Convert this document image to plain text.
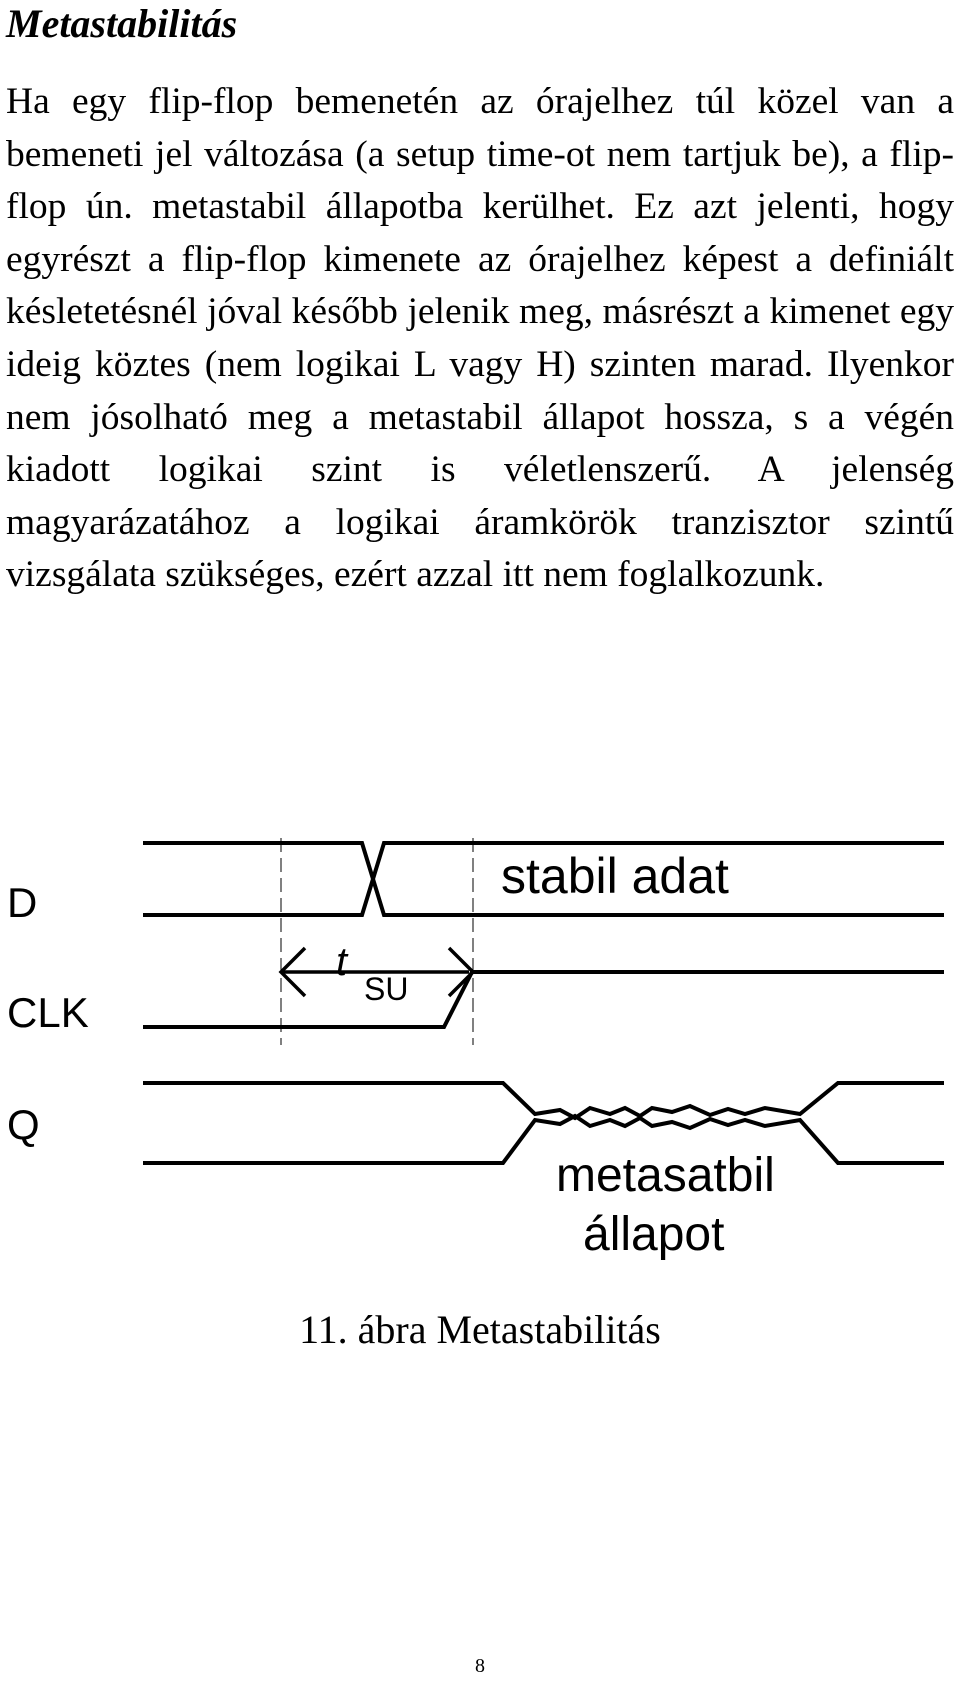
Metastabilitás

Ha egy flip-flop bemenetén az órajelhez túl közel van a bemeneti jel változása (a setup time-ot nem tartjuk be), a flip-flop ún. metastabil állapotba kerülhet. Ez azt jelenti, hogy egyrészt a flip-flop kimenete az órajelhez képest a definiált késletetésnél jóval később jelenik meg, másrészt a kimenet egy ideig köztes (nem logikai L vagy H) szinten marad. Ilyenkor nem jósolható meg a metastabil állapot hossza, s a végén kiadott logikai szint is véletlenszerű. A jelenség magyarázatához a logikai áramkörök tranzisztor szintű vizsgálata szükséges, ezért azzal itt nem foglalkozunk.

D
CLK
Q
stabil adat
t
SU
metasatbil
állapot

11. ábra Metastabilitás

8
